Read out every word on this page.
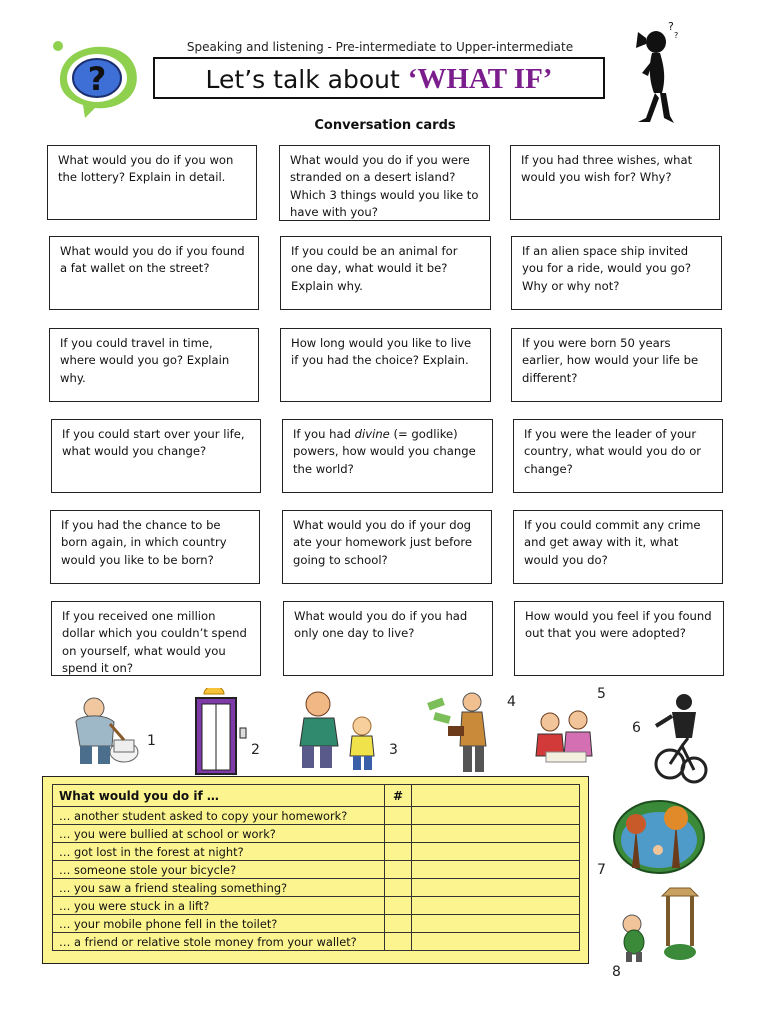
?
Speaking and listening - Pre-intermediate to Upper-intermediate
Let’s talk about ‘WHAT IF’
?
?
Conversation cards
What would you do if you won the lottery? Explain in detail.
What would you do if you were stranded on a desert island? Which 3 things would you like to have with you?
If you had three wishes, what would you wish for? Why?
What would you do if you found a fat wallet on the street?
If you could be an animal for one day, what would it be? Explain why.
If an alien space ship invited you for a ride, would you go? Why or why not?
If you could travel in time, where would you go? Explain why.
How long would you like to live if you had the choice? Explain.
If you were born 50 years earlier, how would your life be different?
If you could start over your life, what would you change?
If you had divine (= godlike) powers, how would you change the world?
If you were the leader of your country, what would you do or change?
If you had the chance to be born again, in which country would you like to be born?
What would you do if your dog ate your homework just before going to school?
If you could commit any crime and get away with it, what would you do?
If you received one million dollar which you couldn’t spend on yourself, what would you spend it on?
What would you do if you had only one day to live?
How would you feel if you found out that you were adopted?
1
2	3
4	5
6
What would you do if …	#	
… another student asked to copy your homework?		
… you were bullied at school or work?		
… got lost in the forest at night?		
… someone stole your bicycle?		
… you saw a friend stealing something?		
… you were stuck in a lift?		
… your mobile phone fell in the toilet?		
… a friend or relative stole money from your wallet?		
7
8
